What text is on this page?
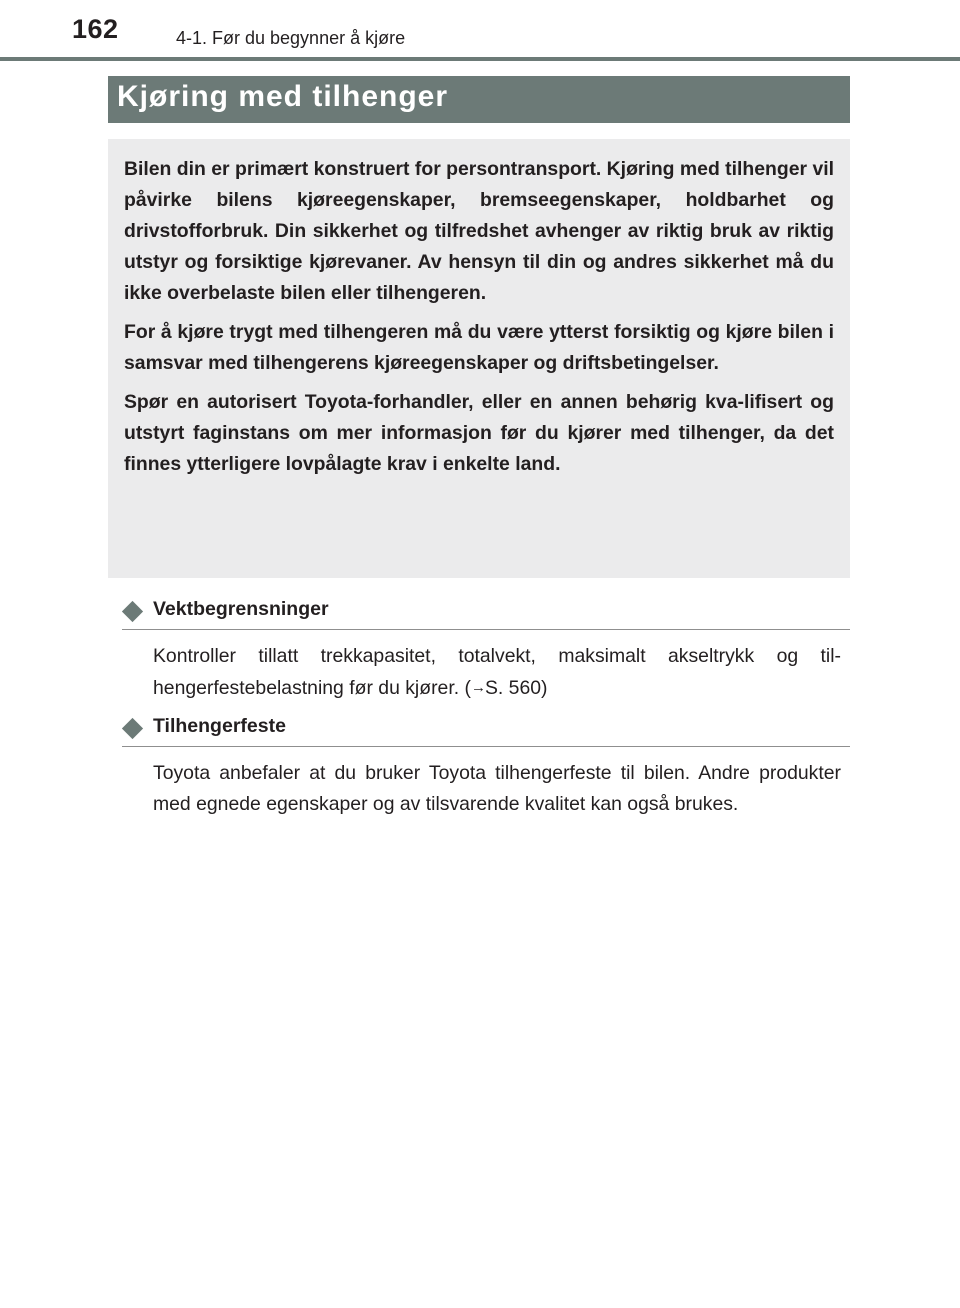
162	4-1. Før du begynner å kjøre
Kjøring med tilhenger

Bilen din er primært konstruert for persontransport. Kjøring med tilhenger vil påvirke bilens kjøreegenskaper, bremseegenskaper, holdbarhet og drivstofforbruk. Din sikkerhet og tilfredshet avhenger av riktig bruk av riktig utstyr og forsiktige kjørevaner. Av hensyn til din og andres sikkerhet må du ikke overbelaste bilen eller tilhengeren.

For å kjøre trygt med tilhengeren må du være ytterst forsiktig og kjøre bilen i samsvar med tilhengerens kjøreegenskaper og driftsbetingelser.

Spør en autorisert Toyota-forhandler, eller en annen behørig kva-lifisert og utstyrt faginstans om mer informasjon før du kjører med tilhenger, da det finnes ytterligere lovpålagte krav i enkelte land.

Vektbegrensninger
Kontroller tillatt trekkapasitet, totalvekt, maksimalt akseltrykk og til-hengerfestebelastning før du kjører. (→S. 560)
Tilhengerfeste
Toyota anbefaler at du bruker Toyota tilhengerfeste til bilen. Andre produkter med egnede egenskaper og av tilsvarende kvalitet kan også brukes.
